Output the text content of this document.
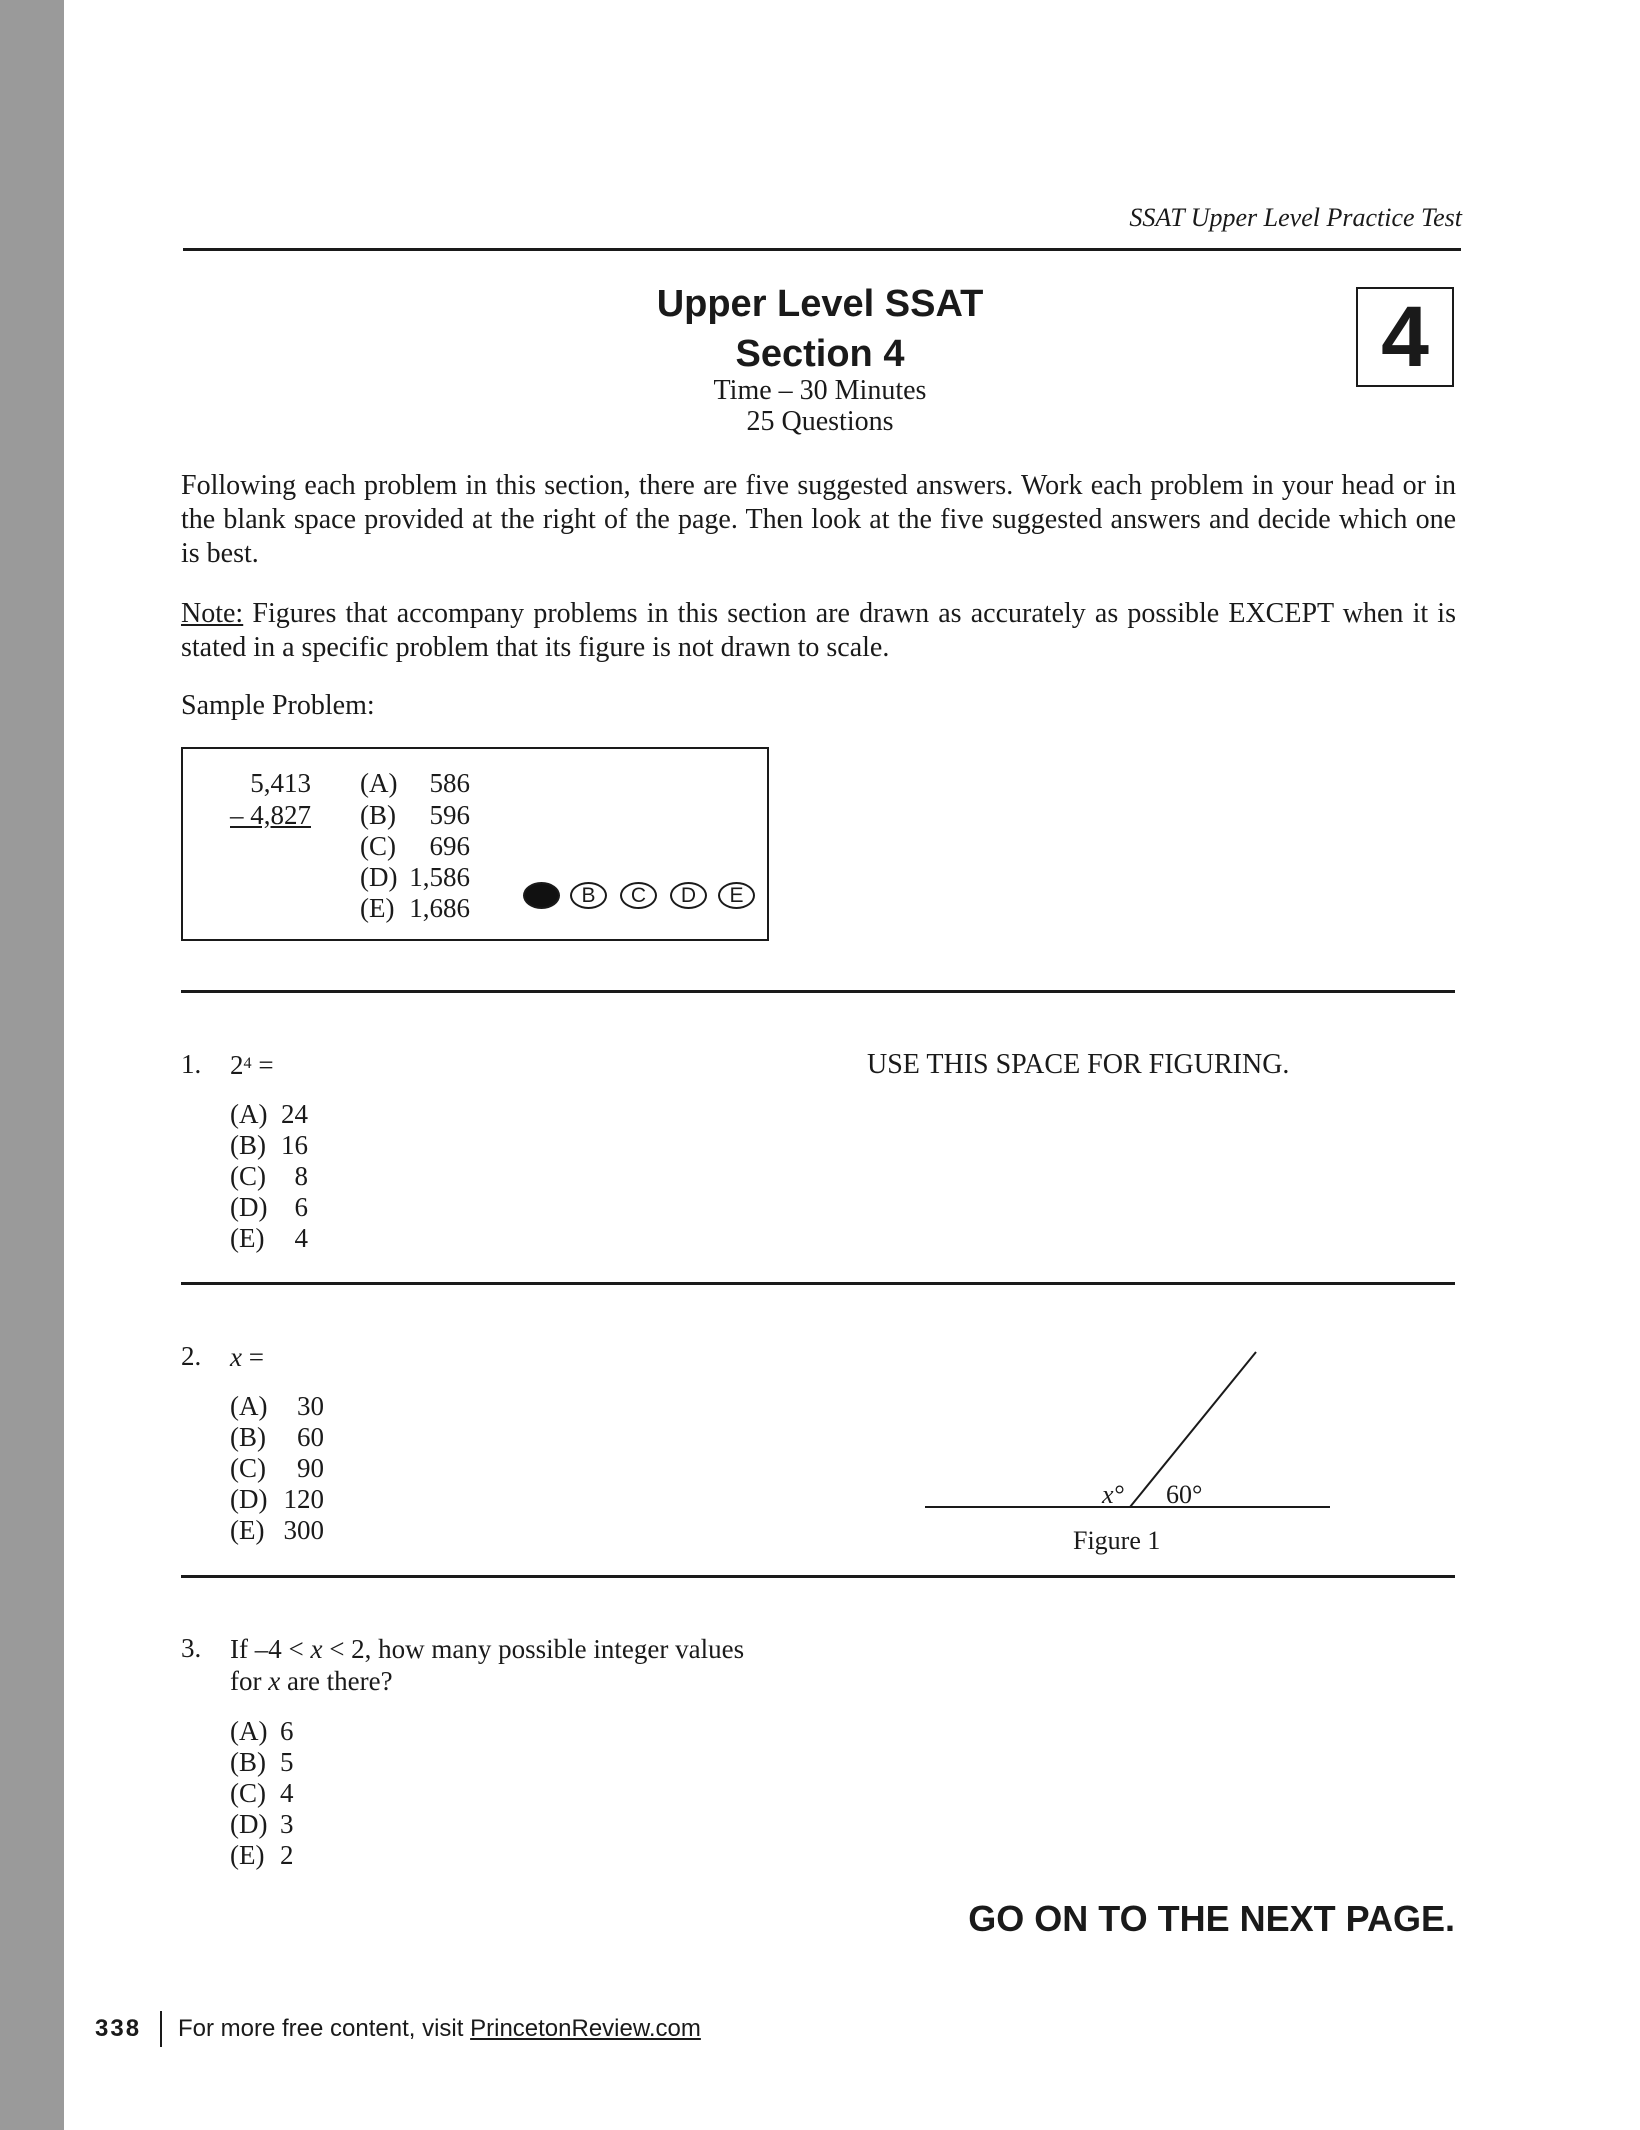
SSAT Upper Level Practice Test
Upper Level SSAT
Section 4
Time – 30 Minutes
25 Questions
4
Following each problem in this section, there are five suggested answers. Work each problem in your head or in the blank space provided at the right of the page. Then look at the five suggested answers and decide which one is best.
Note: Figures that accompany problems in this section are drawn as accurately as possible EXCEPT when it is stated in a specific problem that its figure is not drawn to scale.
Sample Problem:
5,413
– 4,827
(A) 586
(B) 596
(C) 696
(D) 1,586
(E) 1,686	B	C	D	E
1. $2^4$ =	USE THIS SPACE FOR FIGURING.
(A) 24
(B) 16
(C) 8
(D) 6
(E) 4
2. x =
(A) 30
(B) 60
(C) 90
(D) 120
(E) 300
x° 60°
Figure 1
3. If –4 < x < 2, how many possible integer values
for x are there?
(A) 6
(B) 5
(C) 4
(D) 3
(E) 2
GO ON TO THE NEXT PAGE.
338 For more free content, visit PrincetonReview.com
